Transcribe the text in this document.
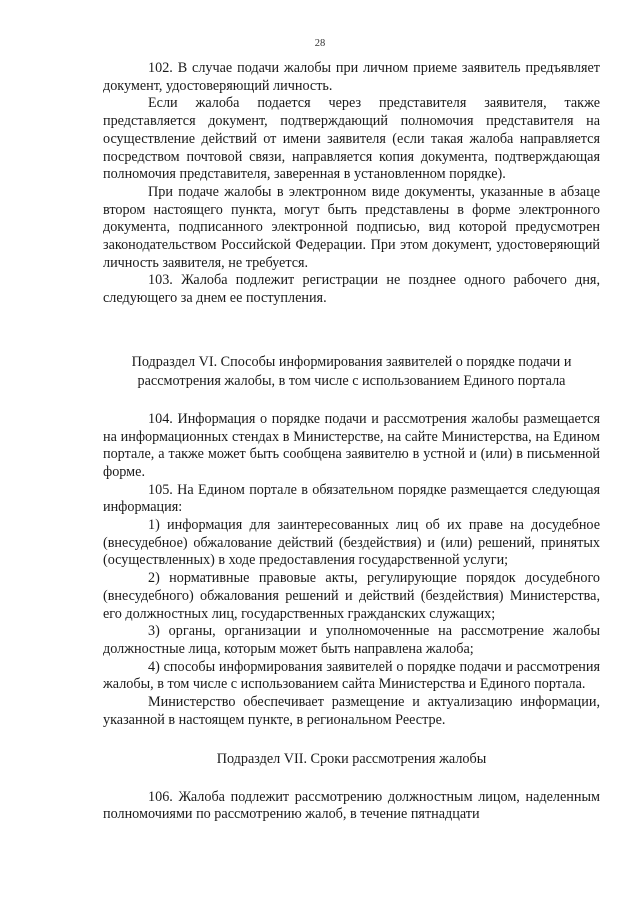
28

102. В случае подачи жалобы при личном приеме заявитель предъявляет документ, удостоверяющий личность.

Если жалоба подается через представителя заявителя, также представляется документ, подтверждающий полномочия представителя на осуществление действий от имени заявителя (если такая жалоба направляется посредством почтовой связи, направляется копия документа, подтверждающая полномочия представителя, заверенная в установленном порядке).

При подаче жалобы в электронном виде документы, указанные в абзаце втором настоящего пункта, могут быть представлены в форме электронного документа, подписанного электронной подписью, вид которой предусмотрен законодательством Российской Федерации. При этом документ, удостоверяющий личность заявителя, не требуется.

103. Жалоба подлежит регистрации не позднее одного рабочего дня, следующего за днем ее поступления.

Подраздел VI. Способы информирования заявителей о порядке подачи и
рассмотрения жалобы, в том числе с использованием Единого портала

104. Информация о порядке подачи и рассмотрения жалобы размещается на информационных стендах в Министерстве, на сайте Министерства, на Едином портале, а также может быть сообщена заявителю в устной и (или) в письменной форме.

105. На Едином портале в обязательном порядке размещается следующая информация:

1) информация для заинтересованных лиц об их праве на досудебное (внесудебное) обжалование действий (бездействия) и (или) решений, принятых (осуществленных) в ходе предоставления государственной услуги;

2) нормативные правовые акты, регулирующие порядок досудебного (внесудебного) обжалования решений и действий (бездействия) Министерства, его должностных лиц, государственных гражданских служащих;

3) органы, организации и уполномоченные на рассмотрение жалобы должностные лица, которым может быть направлена жалоба;

4) способы информирования заявителей о порядке подачи и рассмотрения жалобы, в том числе с использованием сайта Министерства и Единого портала.

Министерство обеспечивает размещение и актуализацию информации, указанной в настоящем пункте, в региональном Реестре.

Подраздел VII. Сроки рассмотрения жалобы

106. Жалоба подлежит рассмотрению должностным лицом, наделенным полномочиями по рассмотрению жалоб, в течение пятнадцати
